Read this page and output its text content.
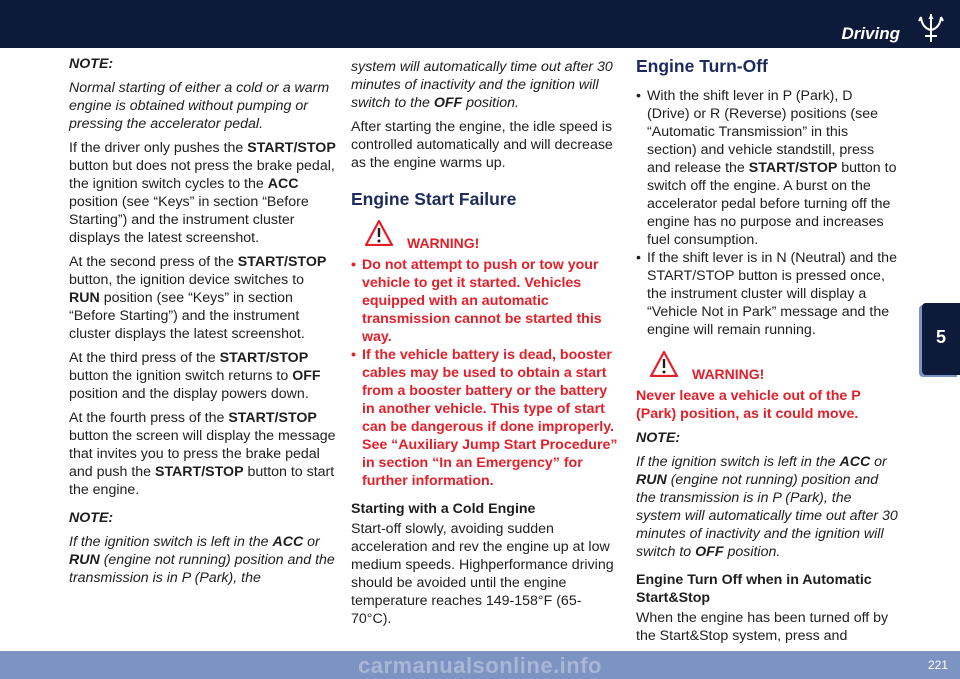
Driving
5

NOTE:

Normal starting of either a cold or a warm engine is obtained without pumping or pressing the accelerator pedal.

If the driver only pushes the START/STOP button but does not press the brake pedal, the ignition switch cycles to the ACC position (see “Keys” in section “Before Starting”) and the instrument cluster displays the latest screenshot.

At the second press of the START/STOP button, the ignition device switches to RUN position (see “Keys” in section “Before Starting”) and the instrument cluster displays the latest screenshot.

At the third press of the START/STOP button the ignition switch returns to OFF position and the display powers down.

At the fourth press of the START/STOP button the screen will display the message that invites you to press the brake pedal and push the START/STOP button to start the engine.

NOTE:

If the ignition switch is left in the ACC or RUN (engine not running) position and the transmission is in P (Park), the

system will automatically time out after 30 minutes of inactivity and the ignition will switch to the OFF position.

After starting the engine, the idle speed is controlled automatically and will decrease as the engine warms up.

Engine Start Failure

WARNING!
• Do not attempt to push or tow your vehicle to get it started. Vehicles equipped with an automatic transmission cannot be started this way.
• If the vehicle battery is dead, booster cables may be used to obtain a start from a booster battery or the battery in another vehicle. This type of start can be dangerous if done improperly. See “Auxiliary Jump Start Procedure” in section “In an Emergency” for further information.

Starting with a Cold Engine

Start-off slowly, avoiding sudden acceleration and rev the engine up at low medium speeds. Highperformance driving should be avoided until the engine temperature reaches 149-158°F (65-70°C).

Engine Turn-Off

• With the shift lever in P (Park), D (Drive) or R (Reverse) positions (see “Automatic Transmission” in this section) and vehicle standstill, press and release the START/STOP button to switch off the engine. A burst on the accelerator pedal before turning off the engine has no purpose and increases fuel consumption.
• If the shift lever is in N (Neutral) and the START/STOP button is pressed once, the instrument cluster will display a “Vehicle Not in Park” message and the engine will remain running.
WARNING!

Never leave a vehicle out of the P (Park) position, as it could move.

NOTE:

If the ignition switch is left in the ACC or RUN (engine not running) position and the transmission is in P (Park), the system will automatically time out after 30 minutes of inactivity and the ignition will switch to OFF position.

Engine Turn Off when in Automatic Start&Stop

When the engine has been turned off by the Start&Stop system, press and

carmanualsonline.info	221
